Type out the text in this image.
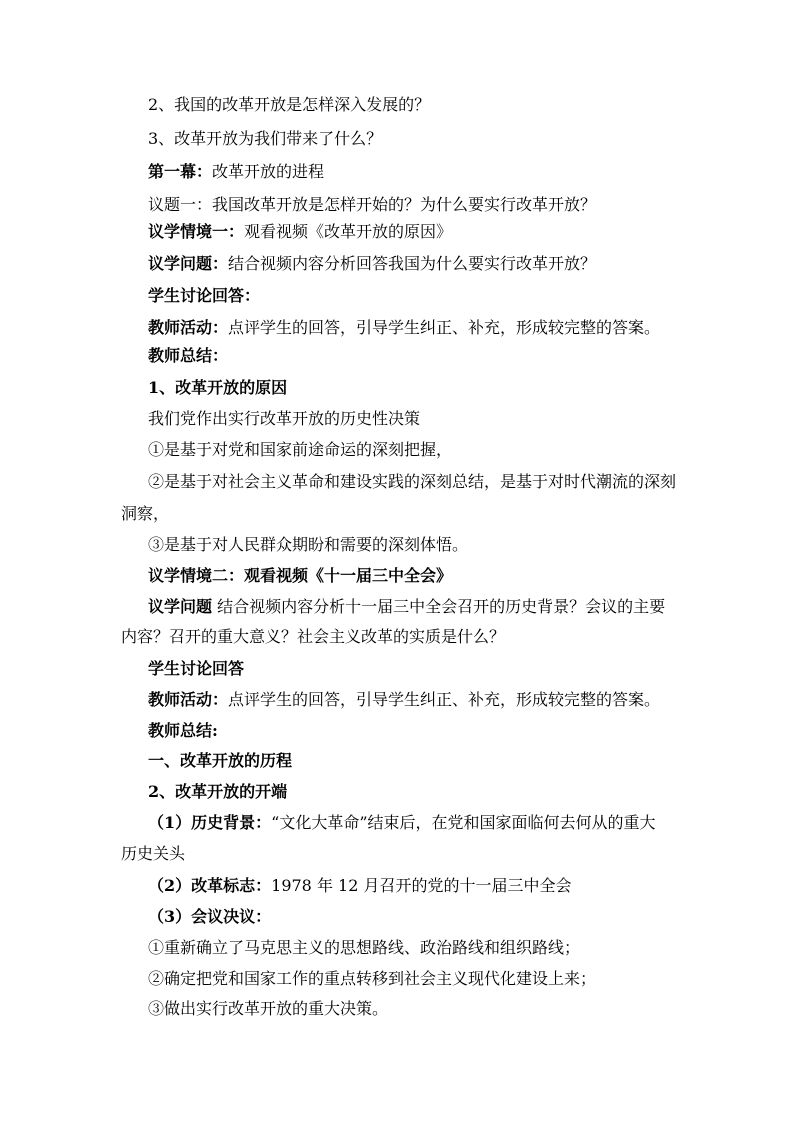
2、我国的改革开放是怎样深入发展的？
3、改革开放为我们带来了什么？
第一幕：改革开放的进程
议题一：我国改革开放是怎样开始的？为什么要实行改革开放？
议学情境一：观看视频《改革开放的原因》
议学问题：结合视频内容分析回答我国为什么要实行改革开放？
学生讨论回答：
教师活动：点评学生的回答，引导学生纠正、补充，形成较完整的答案。
教师总结：
1、改革开放的原因
我们党作出实行改革开放的历史性决策
①是基于对党和国家前途命运的深刻把握，
②是基于对社会主义革命和建设实践的深刻总结，是基于对时代潮流的深刻
洞察，
③是基于对人民群众期盼和需要的深刻体悟。
议学情境二：观看视频《十一届三中全会》
议学问题 结合视频内容分析十一届三中全会召开的历史背景？会议的主要
内容？召开的重大意义？社会主义改革的实质是什么？
学生讨论回答
教师活动：点评学生的回答，引导学生纠正、补充，形成较完整的答案。
教师总结:
一、改革开放的历程
2、改革开放的开端
（1）历史背景：“文化大革命”结束后，在党和国家面临何去何从的重大
历史关头
（2）改革标志：1978 年 12 月召开的党的十一届三中全会
（3）会议决议：
①重新确立了马克思主义的思想路线、政治路线和组织路线；
②确定把党和国家工作的重点转移到社会主义现代化建设上来；
③做出实行改革开放的重大决策。
